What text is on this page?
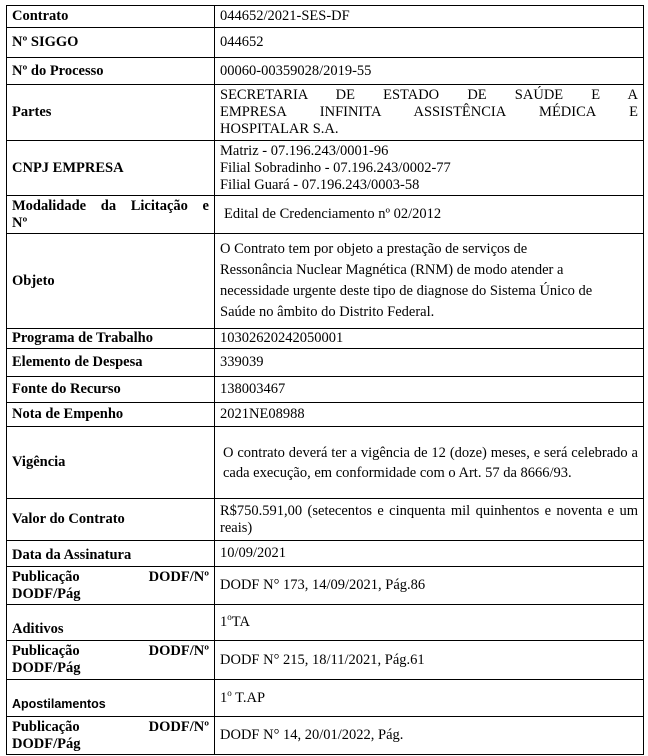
Contrato	044652/2021-SES-DF
Nº SIGGO	044652
Nº do Processo	00060-00359028/2019-55
Partes	SECRETARIA DE ESTADO DE SAÚDE E A
EMPRESA INFINITA ASSISTÊNCIA MÉDICA E
HOSPITALAR S.A.

CNPJ EMPRESA	Matriz - 07.196.243/0001-96
Filial Sobradinho - 07.196.243/0002-77
Filial Guará - 07.196.243/0003-58

Modalidade da Licitação e
Nº	Edital de Credenciamento nº 02/2012
Objeto	O Contrato tem por objeto a prestação de serviços de
Ressonância Nuclear Magnética (RNM) de modo atender a
necessidade urgente deste tipo de diagnose do Sistema Único de
Saúde no âmbito do Distrito Federal.

Programa de Trabalho	10302620242050001
Elemento de Despesa	339039
Fonte do Recurso	138003467
Nota de Empenho	2021NE08988
Vigência	O contrato deverá ter a vigência de 12 (doze) meses, e será celebrado a cada execução, em conformidade com o Art. 57 da 8666/93.
Valor do Contrato	R$750.591,00 (setecentos e cinquenta mil quinhentos e noventa e um reais)
Data da Assinatura	10/09/2021

Publicação DODF/Nº
DODF/Pág	DODF N° 173, 14/09/2021, Pág.86
Aditivos	1$^o$TA

Publicação DODF/Nº
DODF/Pág	DODF N° 215, 18/11/2021, Pág.61
Apostilamentos	1$^o$ T.AP

Publicação DODF/Nº
DODF/Pág	DODF N° 14, 20/01/2022, Pág.
